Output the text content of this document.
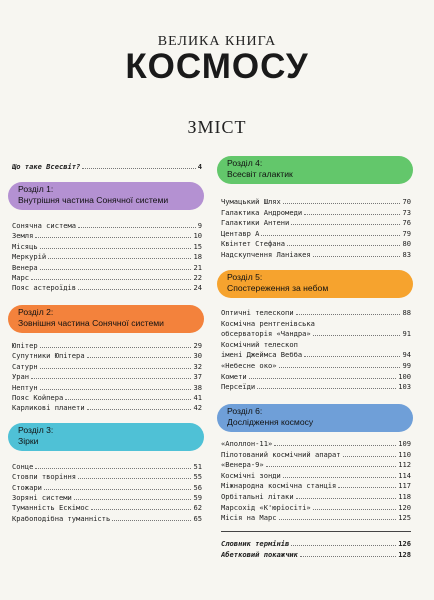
ВЕЛИКА КНИГА
КОСМОСУ
ЗМІСТ
Що таке Всесвіт?	4
Розділ 1:
Внутрішня частина Сонячної системи
Сонячна система	9
Земля	10
Місяць	15
Меркурій	18
Венера	21
Марс	22
Пояс астероїдів	24
Розділ 2:
Зовнішня частина Сонячної системи
Юпітер	29
Супутники Юпітера	30
Сатурн	32
Уран	37
Нептун	38
Пояс Койпера	41
Карликові планети	42
Розділ 3:
Зірки
Сонце	51
Стовпи творіння	55
Стожари	56
Зоряні системи	59
Туманність Ескімос	62
Крабоподібна туманність	65
Розділ 4:
Всесвіт галактик
Чумацький Шлях	70
Галактика Андромеди	73
Галактики Антени	76
Центавр А	79
Квінтет Стефана	80
Надскупчення Ланіакея	83
Розділ 5:
Спостереження за небом
Оптичні телескопи	88
Космічна рентгенівська
обсерваторія «Чандра»	91
Космічний телескоп
імені Джеймса Вебба	94
«Небесне око»	99
Комети	100
Персеїди	103
Розділ 6:
Дослідження космосу
«Аполлон-11»	109
Пілотований космічний апарат	110
«Венера-9»	112
Космічні зонди	114
Міжнародна космічна станція	117
Орбітальні літаки	118
Марсохід «К'юріосіті»	120
Місія на Марс	125
Словник термінів	126
Абетковий покажчик	128
